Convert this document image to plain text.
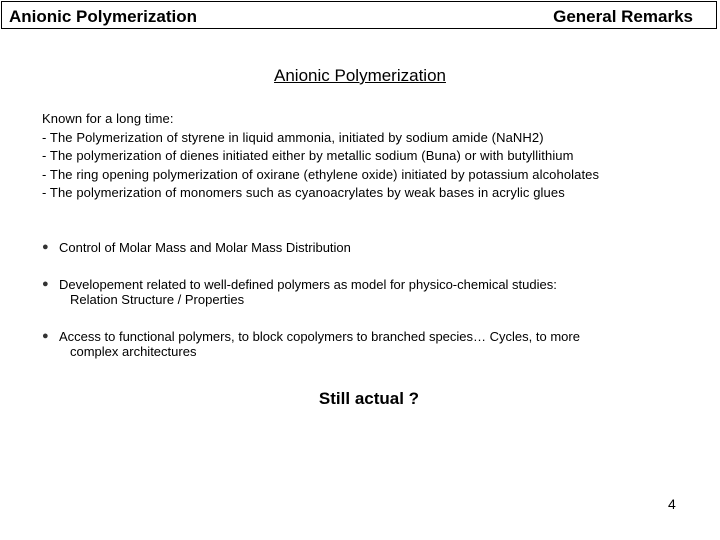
Anionic Polymerization	General Remarks
Anionic Polymerization
Known for a long time:
- The Polymerization of styrene in liquid ammonia, initiated by sodium amide (NaNH2)
- The polymerization of dienes initiated either by metallic sodium (Buna) or with butyllithium
- The ring opening polymerization of oxirane (ethylene oxide) initiated by potassium alcoholates
- The polymerization of monomers such as cyanoacrylates by weak bases in acrylic glues
● Control of Molar Mass and Molar Mass Distribution
● Developement related to well-defined polymers as model for physico-chemical studies:
Relation Structure / Properties
● Access to functional polymers, to block copolymers to branched species… Cycles, to more
complex architectures
Still actual ?
4
